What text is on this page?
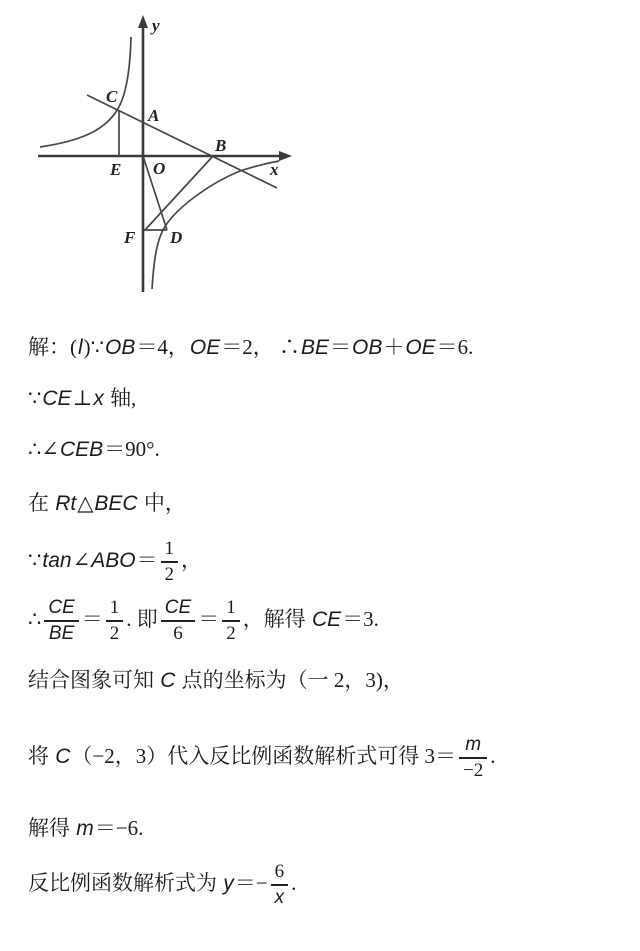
y
x
C
A
B
E O
F D
解：(l)∵OB＝4，OE＝2， ∴BE＝OB＋OE＝6.
∵CE⊥x 轴,
∴∠CEB＝90°.
在 Rt△BEC 中，
∵tan∠ABO＝ $\frac{1}{2}$ ，
∴ $\frac{CE}{BE} = \frac{1}{2}$ . 即 $\frac{CE}{6} = \frac{1}{2}$ ，解得 CE＝3.
结合图象可知 C 点的坐标为（一 2，3)，
将 C（−2，3）代入反比例函数解析式可得 $3= \frac{m}{-2}$ .
解得 m＝−6.
反比例函数解析式为 $y=- \frac{6}{x}$ .
